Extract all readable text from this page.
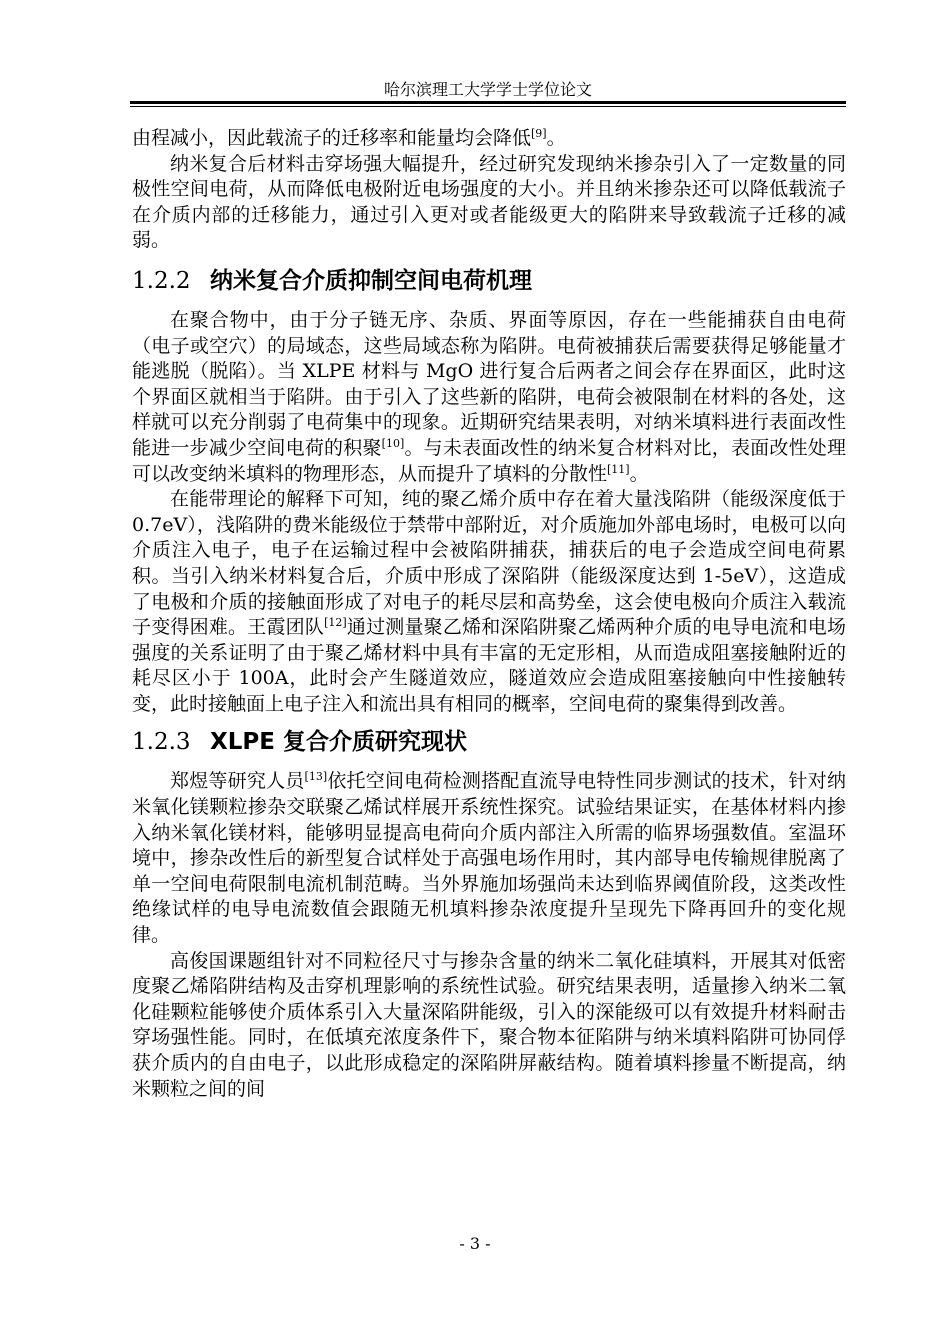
哈尔滨理工大学学士学位论文

由程减小，因此载流子的迁移率和能量均会降低[9]。

纳米复合后材料击穿场强大幅提升，经过研究发现纳米掺杂引入了一定数量的同极性空间电荷，从而降低电极附近电场强度的大小。并且纳米掺杂还可以降低载流子在介质内部的迁移能力，通过引入更对或者能级更大的陷阱来导致载流子迁移的减弱。

1.2.2 纳米复合介质抑制空间电荷机理

在聚合物中，由于分子链无序、杂质、界面等原因，存在一些能捕获自由电荷（电子或空穴）的局域态，这些局域态称为陷阱。电荷被捕获后需要获得足够能量才能逃脱（脱陷）。当 XLPE 材料与 MgO 进行复合后两者之间会存在界面区，此时这个界面区就相当于陷阱。由于引入了这些新的陷阱，电荷会被限制在材料的各处，这样就可以充分削弱了电荷集中的现象。近期研究结果表明，对纳米填料进行表面改性能进一步减少空间电荷的积聚[10]。与未表面改性的纳米复合材料对比，表面改性处理可以改变纳米填料的物理形态，从而提升了填料的分散性[11]。

在能带理论的解释下可知，纯的聚乙烯介质中存在着大量浅陷阱（能级深度低于 0.7eV），浅陷阱的费米能级位于禁带中部附近，对介质施加外部电场时，电极可以向介质注入电子，电子在运输过程中会被陷阱捕获，捕获后的电子会造成空间电荷累积。当引入纳米材料复合后，介质中形成了深陷阱（能级深度达到 1-5eV），这造成了电极和介质的接触面形成了对电子的耗尽层和高势垒，这会使电极向介质注入载流子变得困难。王霞团队[12]通过测量聚乙烯和深陷阱聚乙烯两种介质的电导电流和电场强度的关系证明了由于聚乙烯材料中具有丰富的无定形相，从而造成阻塞接触附近的耗尽区小于 100A，此时会产生隧道效应，隧道效应会造成阻塞接触向中性接触转变，此时接触面上电子注入和流出具有相同的概率，空间电荷的聚集得到改善。

1.2.3 XLPE 复合介质研究现状

郑煜等研究人员[13]依托空间电荷检测搭配直流导电特性同步测试的技术，针对纳米氧化镁颗粒掺杂交联聚乙烯试样展开系统性探究。试验结果证实，在基体材料内掺入纳米氧化镁材料，能够明显提高电荷向介质内部注入所需的临界场强数值。室温环境中，掺杂改性后的新型复合试样处于高强电场作用时，其内部导电传输规律脱离了单一空间电荷限制电流机制范畴。当外界施加场强尚未达到临界阈值阶段，这类改性绝缘试样的电导电流数值会跟随无机填料掺杂浓度提升呈现先下降再回升的变化规律。

高俊国课题组针对不同粒径尺寸与掺杂含量的纳米二氧化硅填料，开展其对低密度聚乙烯陷阱结构及击穿机理影响的系统性试验。研究结果表明，适量掺入纳米二氧化硅颗粒能够使介质体系引入大量深陷阱能级，引入的深能级可以有效提升材料耐击穿场强性能。同时，在低填充浓度条件下，聚合物本征陷阱与纳米填料陷阱可协同俘获介质内的自由电子，以此形成稳定的深陷阱屏蔽结构。随着填料掺量不断提高，纳米颗粒之间的间

- 3 -
